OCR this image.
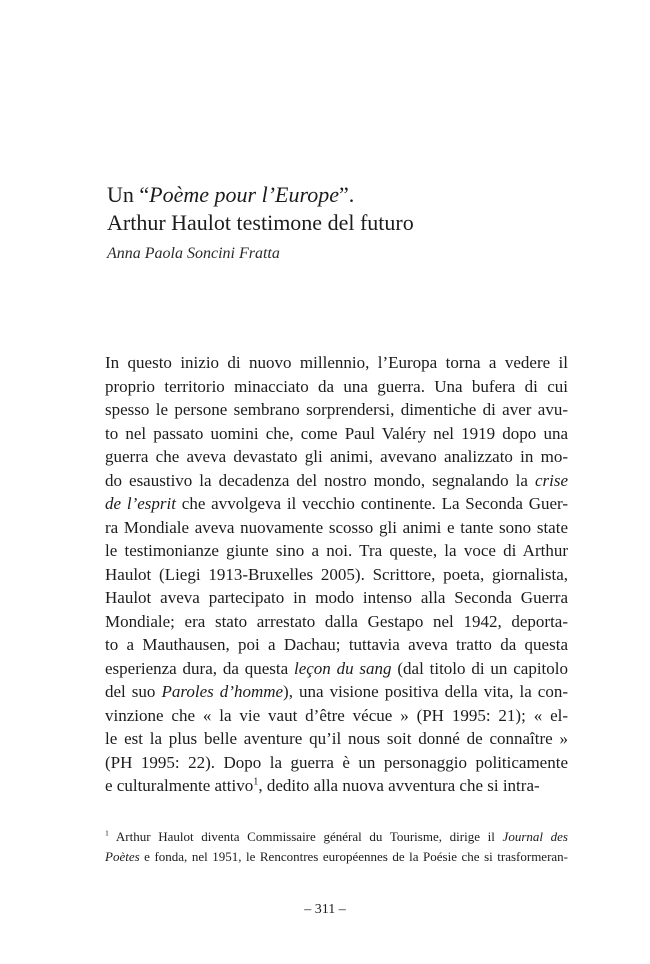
Un “Poème pour l’Europe”.
Arthur Haulot testimone del futuro
Anna Paola Soncini Fratta
In questo inizio di nuovo millennio, l’Europa torna a vedere il
proprio territorio minacciato da una guerra. Una bufera di cui
spesso le persone sembrano sorprendersi, dimentiche di aver avu-
to nel passato uomini che, come Paul Valéry nel 1919 dopo una
guerra che aveva devastato gli animi, avevano analizzato in mo-
do esaustivo la decadenza del nostro mondo, segnalando la crise
de l’esprit che avvolgeva il vecchio continente. La Seconda Guer-
ra Mondiale aveva nuovamente scosso gli animi e tante sono state
le testimonianze giunte sino a noi. Tra queste, la voce di Arthur
Haulot (Liegi 1913-Bruxelles 2005). Scrittore, poeta, giornalista,
Haulot aveva partecipato in modo intenso alla Seconda Guerra
Mondiale; era stato arrestato dalla Gestapo nel 1942, deporta-
to a Mauthausen, poi a Dachau; tuttavia aveva tratto da questa
esperienza dura, da questa leçon du sang (dal titolo di un capitolo
del suo Paroles d’homme), una visione positiva della vita, la con-
vinzione che « la vie vaut d’être vécue » (PH 1995: 21); « el-
le est la plus belle aventure qu’il nous soit donné de connaître »
(PH 1995: 22). Dopo la guerra è un personaggio politicamente
e culturalmente attivo$^1$, dedito alla nuova avventura che si intra-
$^1$ Arthur Haulot diventa Commissaire général du Tourisme, dirige il Journal des
Poètes e fonda, nel 1951, le Rencontres européennes de la Poésie che si trasformeran-
– 311 –
